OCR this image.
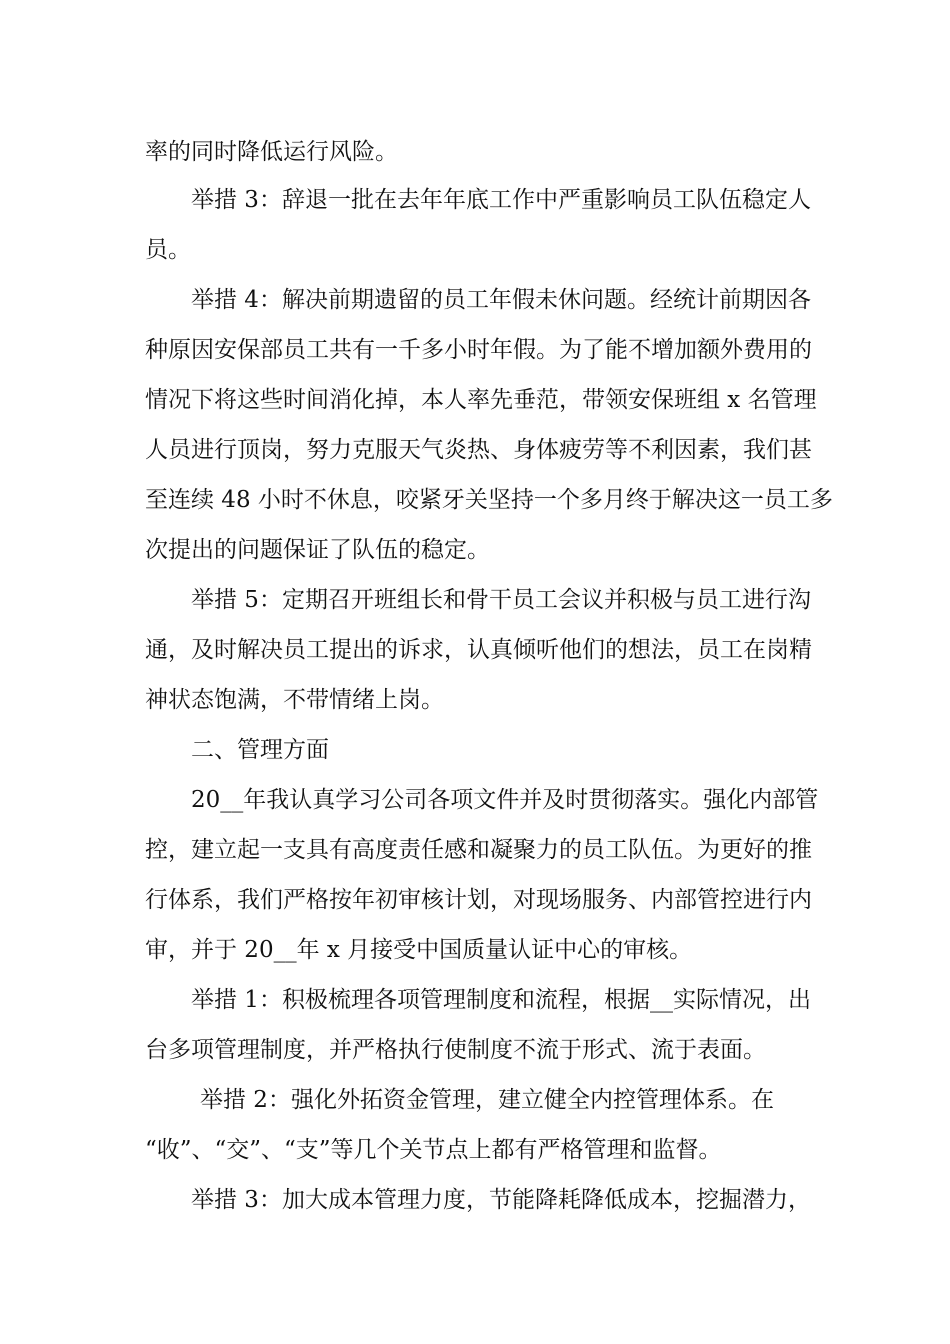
率的同时降低运行风险。
举措 3：辞退一批在去年年底工作中严重影响员工队伍稳定人
员。
举措 4：解决前期遗留的员工年假未休问题。经统计前期因各
种原因安保部员工共有一千多小时年假。为了能不增加额外费用的
情况下将这些时间消化掉，本人率先垂范，带领安保班组 x 名管理
人员进行顶岗，努力克服天气炎热、身体疲劳等不利因素，我们甚
至连续 48 小时不休息，咬紧牙关坚持一个多月终于解决这一员工多
次提出的问题保证了队伍的稳定。
举措 5：定期召开班组长和骨干员工会议并积极与员工进行沟
通，及时解决员工提出的诉求，认真倾听他们的想法，员工在岗精
神状态饱满，不带情绪上岗。
二、管理方面
20__年我认真学习公司各项文件并及时贯彻落实。强化内部管
控，建立起一支具有高度责任感和凝聚力的员工队伍。为更好的推
行体系，我们严格按年初审核计划，对现场服务、内部管控进行内
审，并于 20__年 x 月接受中国质量认证中心的审核。
举措 1：积极梳理各项管理制度和流程，根据__实际情况，出
台多项管理制度，并严格执行使制度不流于形式、流于表面。
举措 2：强化外拓资金管理，建立健全内控管理体系。在
“收”、“交”、“支”等几个关节点上都有严格管理和监督。
举措 3：加大成本管理力度，节能降耗降低成本，挖掘潜力，
